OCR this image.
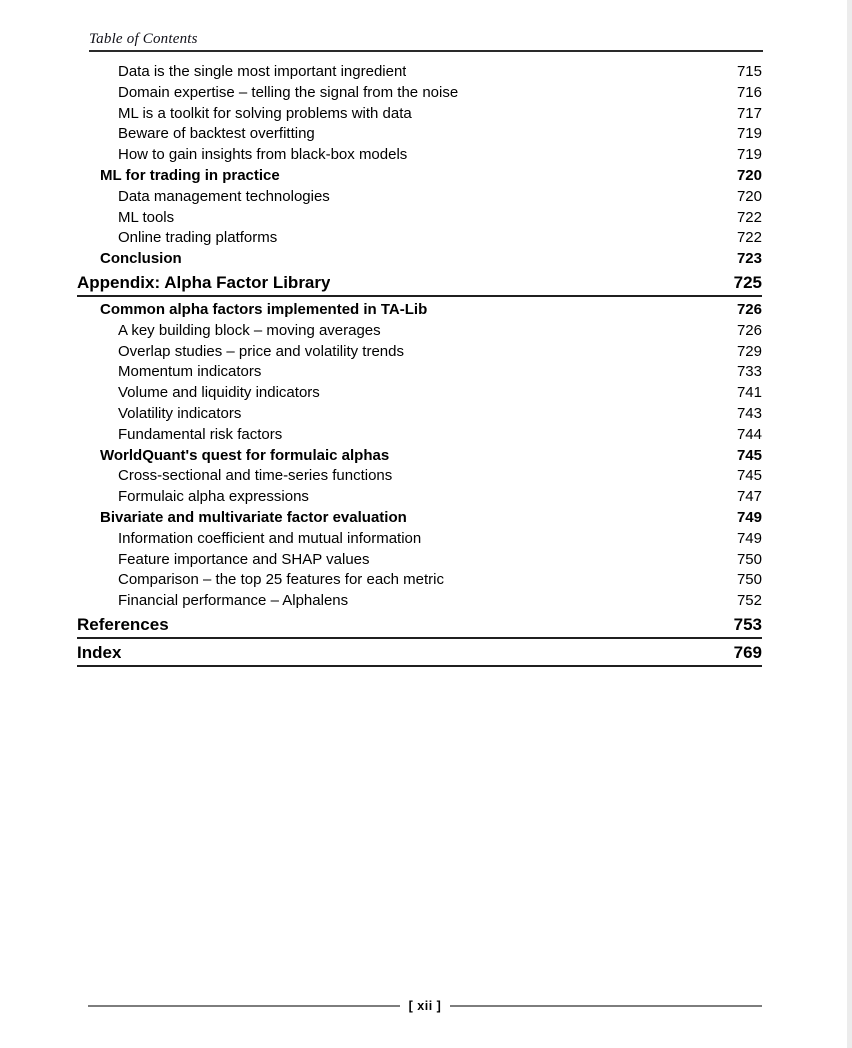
Table of Contents
Data is the single most important ingredient	715
Domain expertise – telling the signal from the noise	716
ML is a toolkit for solving problems with data	717
Beware of backtest overfitting	719
How to gain insights from black-box models	719
ML for trading in practice	720
Data management technologies	720
ML tools	722
Online trading platforms	722
Conclusion	723
Appendix: Alpha Factor Library	725
Common alpha factors implemented in TA-Lib	726
A key building block – moving averages	726
Overlap studies – price and volatility trends	729
Momentum indicators	733
Volume and liquidity indicators	741
Volatility indicators	743
Fundamental risk factors	744
WorldQuant's quest for formulaic alphas	745
Cross-sectional and time-series functions	745
Formulaic alpha expressions	747
Bivariate and multivariate factor evaluation	749
Information coefficient and mutual information	749
Feature importance and SHAP values	750
Comparison – the top 25 features for each metric	750
Financial performance – Alphalens	752
References	753
Index	769
[ xii ]
